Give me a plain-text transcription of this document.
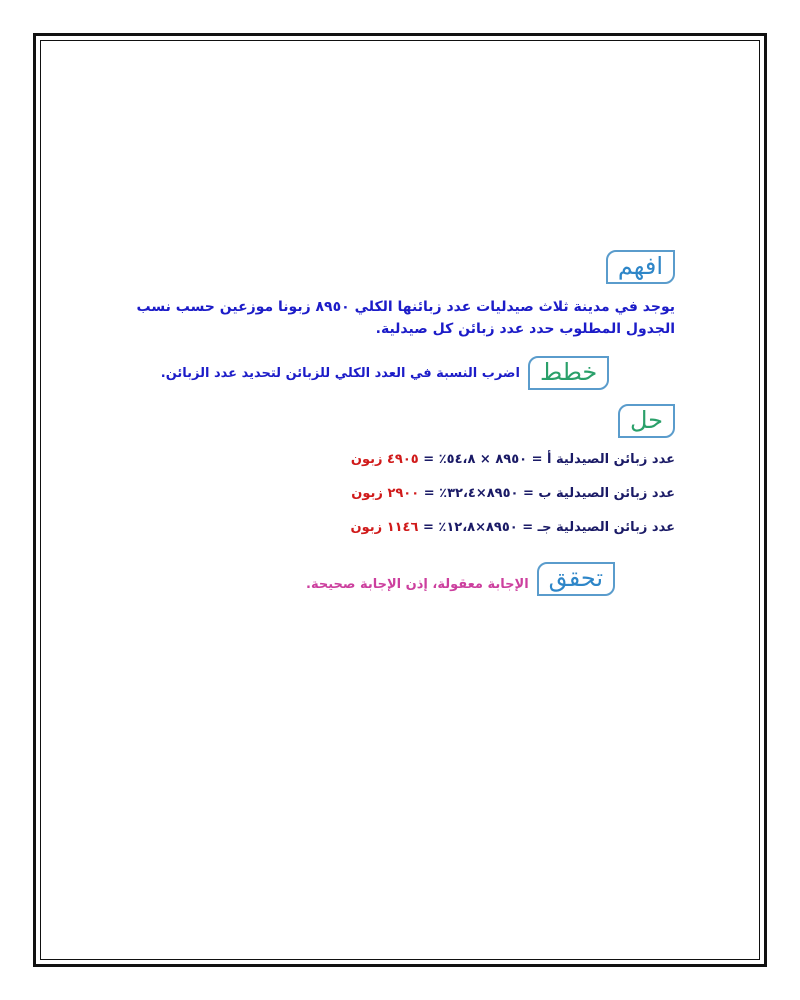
افهم
يوجد في مدينة ثلاث صيدليات عدد زبائنها الكلي ٨٩٥٠ زبونا موزعين حسب نسب الجدول المطلوب حدد عدد زبائن كل صيدلية.
خطط
اضرب النسبة في العدد الكلي للزبائن لتحديد عدد الزبائن.
حل
عدد زبائن الصيدلية أ = ٨٩٥٠ × ٥٤،٨٪ = ٤٩٠٥ زبون
عدد زبائن الصيدلية ب = ٨٩٥٠×٣٢،٤٪ = ٢٩٠٠ زبون
عدد زبائن الصيدلية جـ = ٨٩٥٠×١٢،٨٪ = ١١٤٦ زبون
تحقق
الإجابة معقولة، إذن الإجابة صحيحة.
